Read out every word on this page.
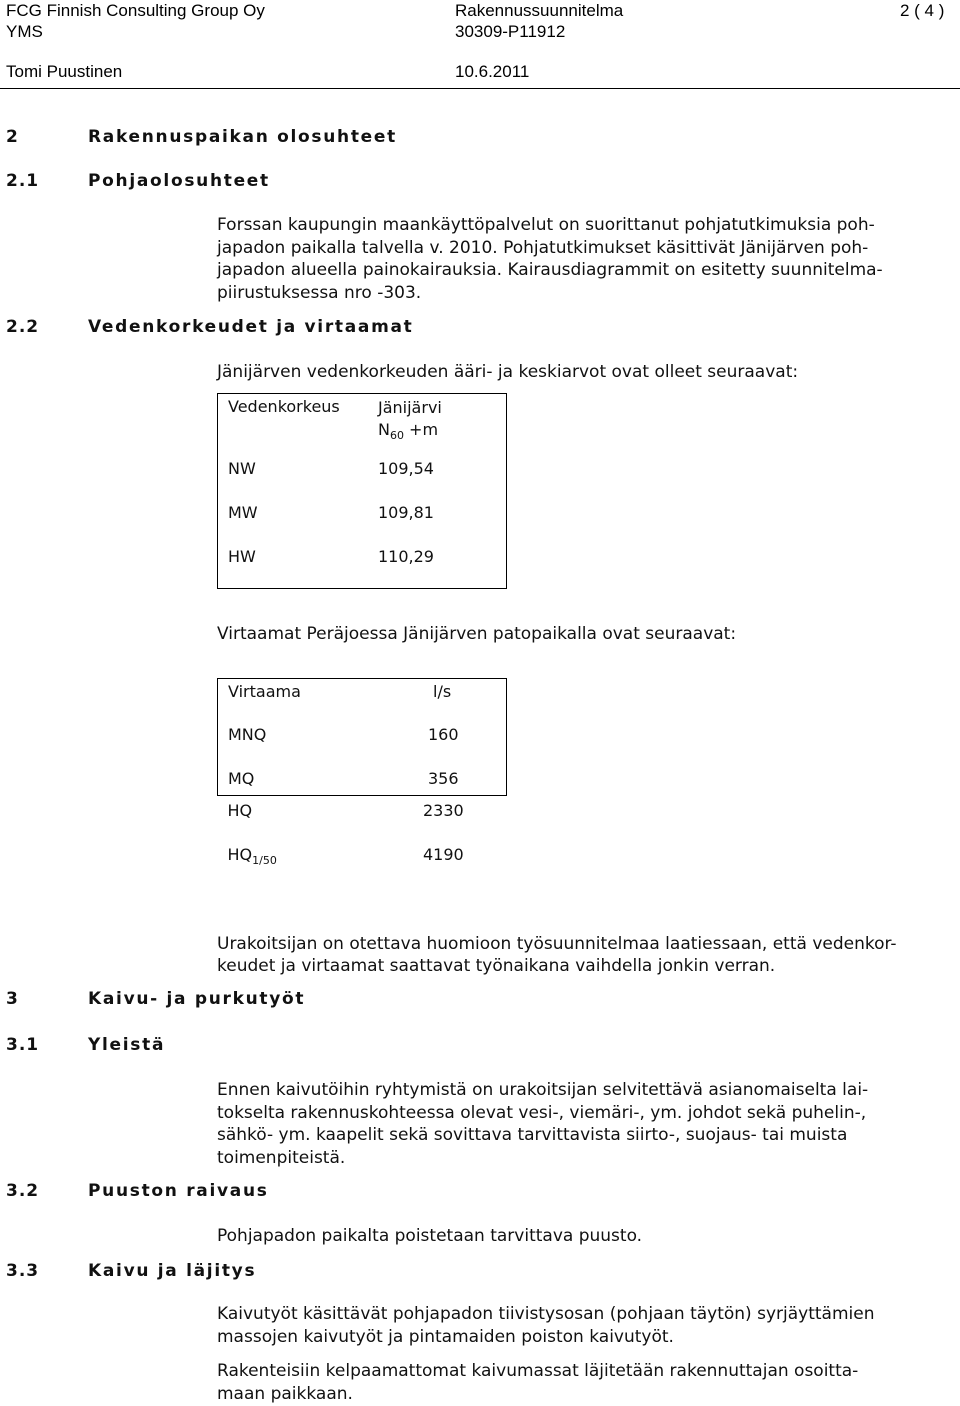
FCG Finnish Consulting Group Oy
YMS
Tomi Puustinen
Rakennussuunnitelma
30309-P11912
10.6.2011
2 ( 4 )
2	Rakennuspaikan olosuhteet
2.1	Pohjaolosuhteet
Forssan kaupungin maankäyttöpalvelut on suorittanut pohjatutkimuksia poh-
japadon paikalla talvella v. 2010. Pohjatutkimukset käsittivät Jänijärven poh-
japadon alueella painokairauksia. Kairausdiagrammit on esitetty suunnitelma-
piirustuksessa nro -303.
2.2	Vedenkorkeudet ja virtaamat
Jänijärven vedenkorkeuden ääri- ja keskiarvot ovat olleet seuraavat:
Vedenkorkeus	Jänijärvi
$N_{60} +m$
NW	109,54
MW	109,81
HW	110,29
Virtaamat Peräjoessa Jänijärven patopaikalla ovat seuraavat:
Virtaama	l/s
MNQ	160
MQ	356
HQ	2330
$HQ_{1/50}$	4190
Urakoitsijan on otettava huomioon työsuunnitelmaa laatiessaan, että vedenkor-
keudet ja virtaamat saattavat työnaikana vaihdella jonkin verran.
3	Kaivu- ja purkutyöt
3.1	Yleistä
Ennen kaivutöihin ryhtymistä on urakoitsijan selvitettävä asianomaiselta lai-
tokselta rakennuskohteessa olevat vesi-, viemäri-, ym. johdot sekä puhelin-,
sähkö- ym. kaapelit sekä sovittava tarvittavista siirto-, suojaus- tai muista
toimenpiteistä.
3.2	Puuston raivaus
Pohjapadon paikalta poistetaan tarvittava puusto.
3.3	Kaivu ja läjitys
Kaivutyöt käsittävät pohjapadon tiivistysosan (pohjaan täytön) syrjäyttämien
massojen kaivutyöt ja pintamaiden poiston kaivutyöt.
Rakenteisiin kelpaamattomat kaivumassat läjitetään rakennuttajan osoitta-
maan paikkaan.
